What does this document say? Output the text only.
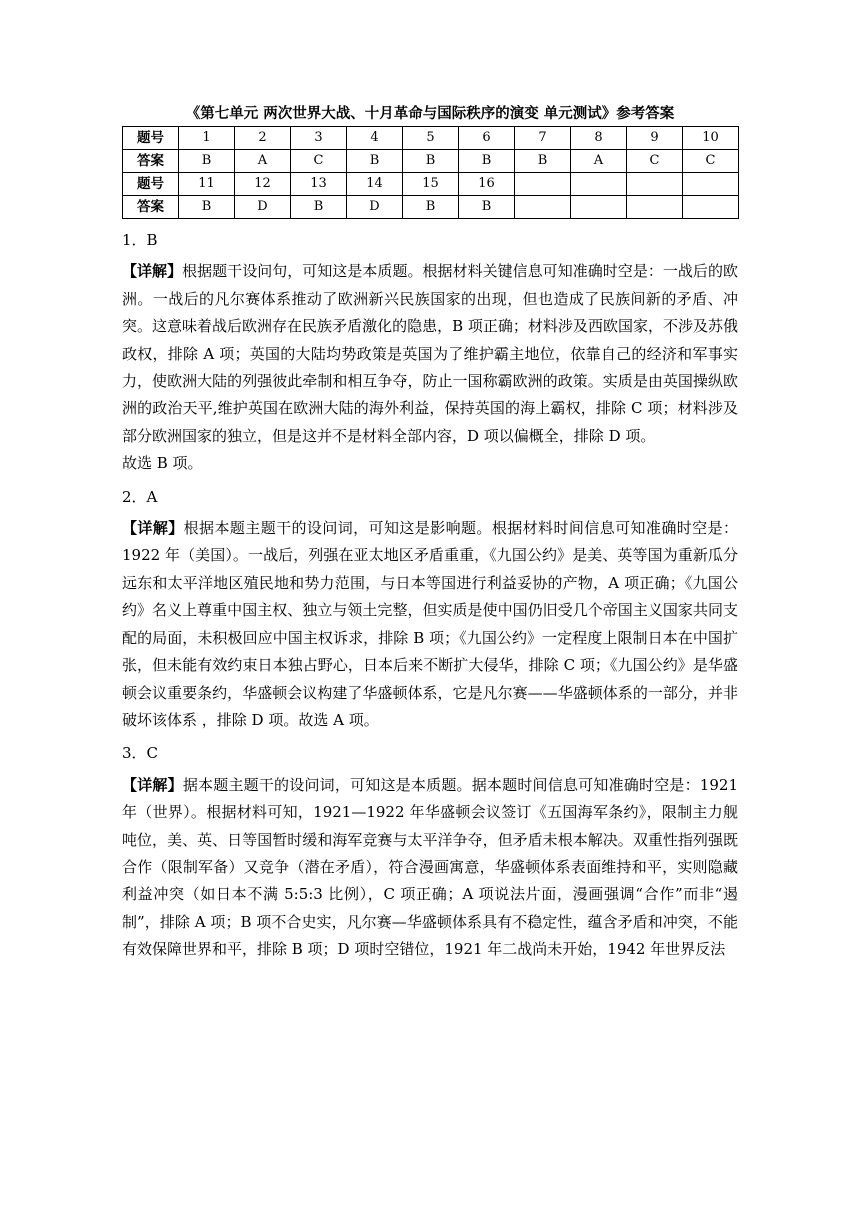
《第七单元 两次世界大战、十月革命与国际秩序的演变 单元测试》参考答案
题号	1	2	3	4	5	6	7	8	9	10
答案	B	A	C	B	B	B	B	A	C	C
题号	11	12	13	14	15	16				
答案	B	D	B	D	B	B				

1．B

【详解】根据题干设问句，可知这是本质题。根据材料关键信息可知准确时空是：一战后的欧洲。一战后的凡尔赛体系推动了欧洲新兴民族国家的出现，但也造成了民族间新的矛盾、冲突。这意味着战后欧洲存在民族矛盾激化的隐患，B 项正确；材料涉及西欧国家，不涉及苏俄政权，排除 A 项；英国的大陆均势政策是英国为了维护霸主地位，依靠自己的经济和军事实力，使欧洲大陆的列强彼此牵制和相互争夺，防止一国称霸欧洲的政策。实质是由英国操纵欧洲的政治天平,维护英国在欧洲大陆的海外利益，保持英国的海上霸权，排除 C 项；材料涉及部分欧洲国家的独立，但是这并不是材料全部内容，D 项以偏概全，排除 D 项。
故选 B 项。

2．A

【详解】根据本题主题干的设问词，可知这是影响题。根据材料时间信息可知准确时空是：1922 年（美国）。一战后，列强在亚太地区矛盾重重，《九国公约》是美、英等国为重新瓜分远东和太平洋地区殖民地和势力范围，与日本等国进行利益妥协的产物，A 项正确；《九国公约》名义上尊重中国主权、独立与领土完整，但实质是使中国仍旧受几个帝国主义国家共同支配的局面，未积极回应中国主权诉求，排除 B 项；《九国公约》一定程度上限制日本在中国扩张，但未能有效约束日本独占野心，日本后来不断扩大侵华，排除 C 项；《九国公约》是华盛顿会议重要条约，华盛顿会议构建了华盛顿体系，它是凡尔赛——华盛顿体系的一部分，并非破坏该体系 ，排除 D 项。故选 A 项。

3．C

【详解】据本题主题干的设问词，可知这是本质题。据本题时间信息可知准确时空是：1921年（世界）。根据材料可知，1921—1922 年华盛顿会议签订《五国海军条约》，限制主力舰吨位，美、英、日等国暂时缓和海军竞赛与太平洋争夺，但矛盾未根本解决。双重性指列强既合作（限制军备）又竞争（潜在矛盾），符合漫画寓意，华盛顿体系表面维持和平，实则隐藏利益冲突（如日本不满 5:5:3 比例），C 项正确；A 项说法片面，漫画强调“合作”而非“遏制”，排除 A 项；B 项不合史实，凡尔赛—华盛顿体系具有不稳定性，蕴含矛盾和冲突，不能有效保障世界和平，排除 B 项；D 项时空错位，1921 年二战尚未开始，1942 年世界反法
